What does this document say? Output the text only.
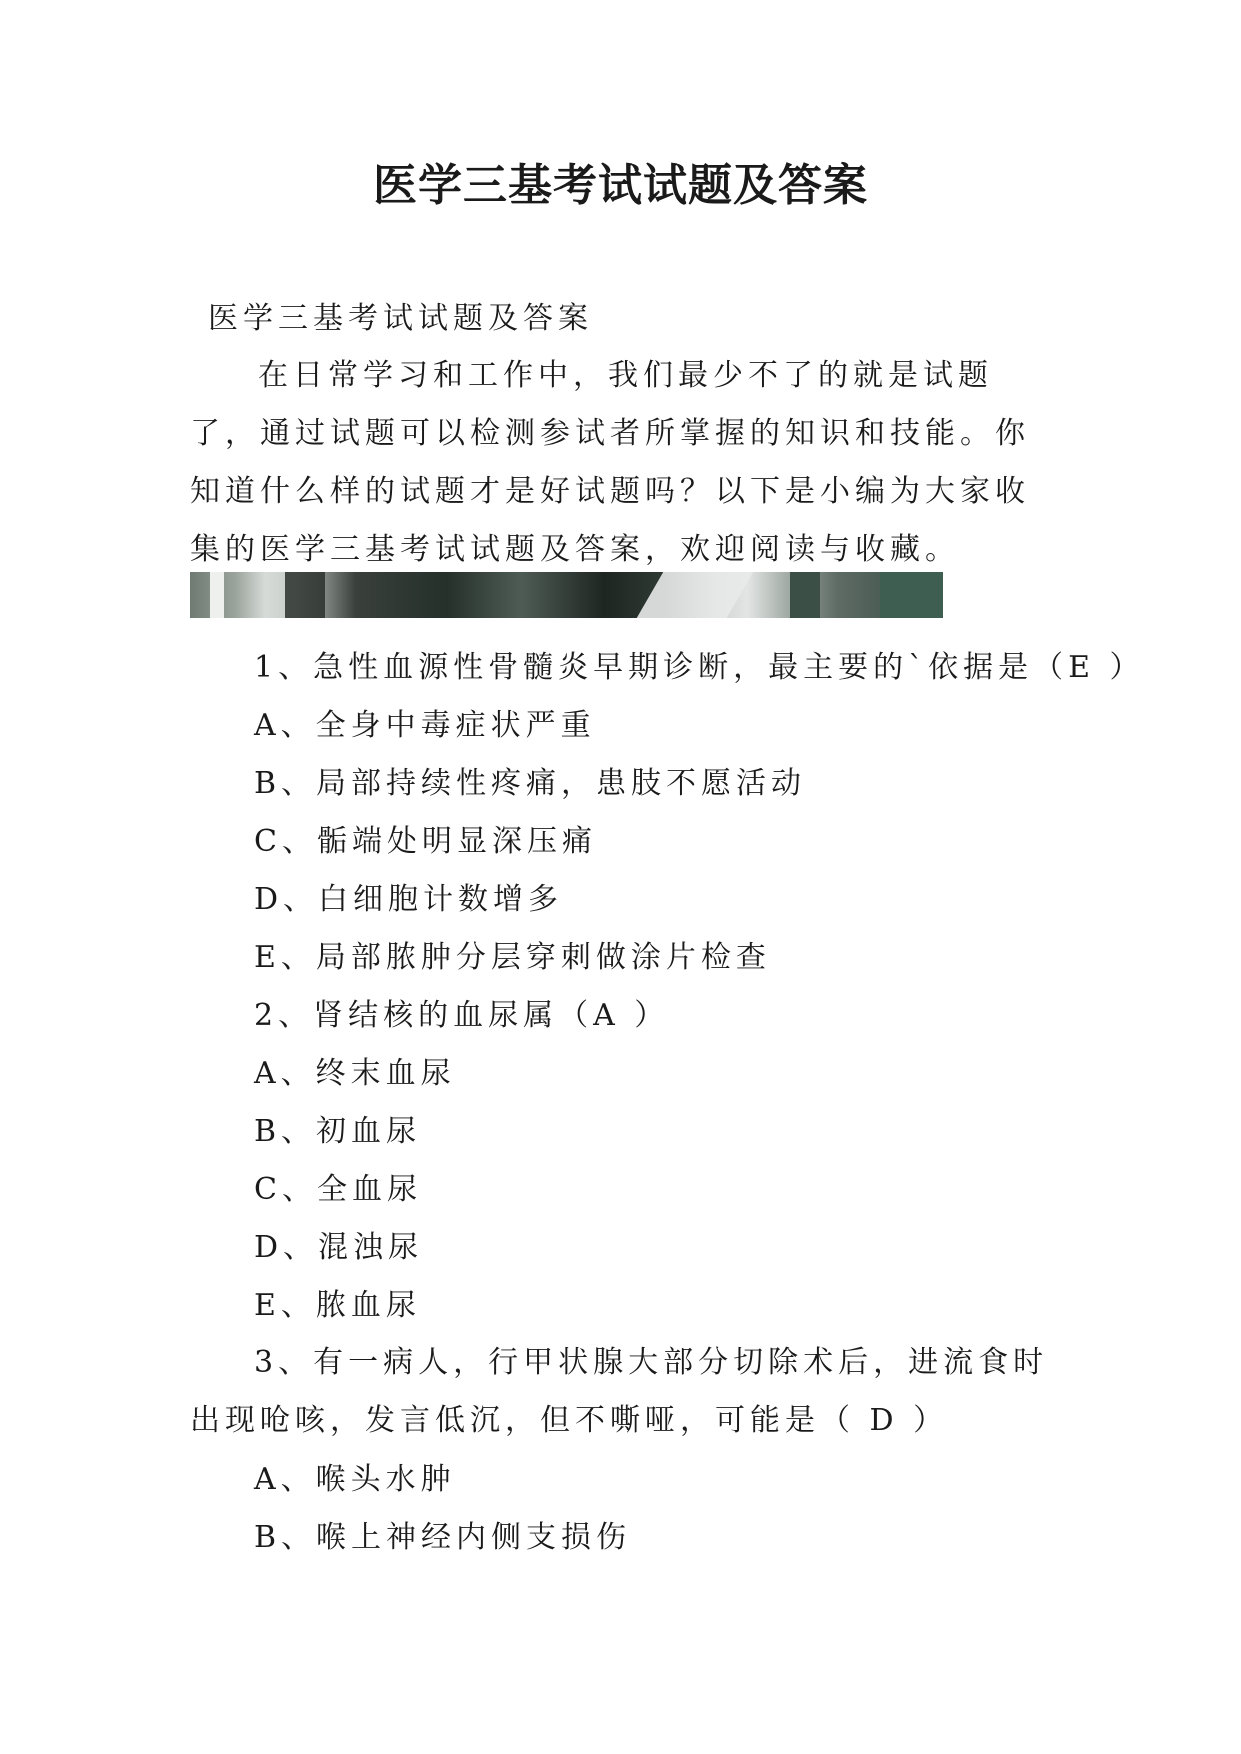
医学三基考试试题及答案
医学三基考试试题及答案
在日常学习和工作中，我们最少不了的就是试题了，通过试题可以检测参试者所掌握的知识和技能。你知道什么样的试题才是好试题吗？以下是小编为大家收集的医学三基考试试题及答案，欢迎阅读与收藏。
1、急性血源性骨髓炎早期诊断，最主要的`依据是（E ）
A、全身中毒症状严重
B、局部持续性疼痛，患肢不愿活动
C、骺端处明显深压痛
D、白细胞计数增多
E、局部脓肿分层穿刺做涂片检查
2、肾结核的血尿属（A ）
A、终末血尿
B、初血尿
C、全血尿
D、混浊尿
E、脓血尿
3、有一病人，行甲状腺大部分切除术后，进流食时出现呛咳，发言低沉，但不嘶哑，可能是（ D ）
A、喉头水肿
B、喉上神经内侧支损伤
